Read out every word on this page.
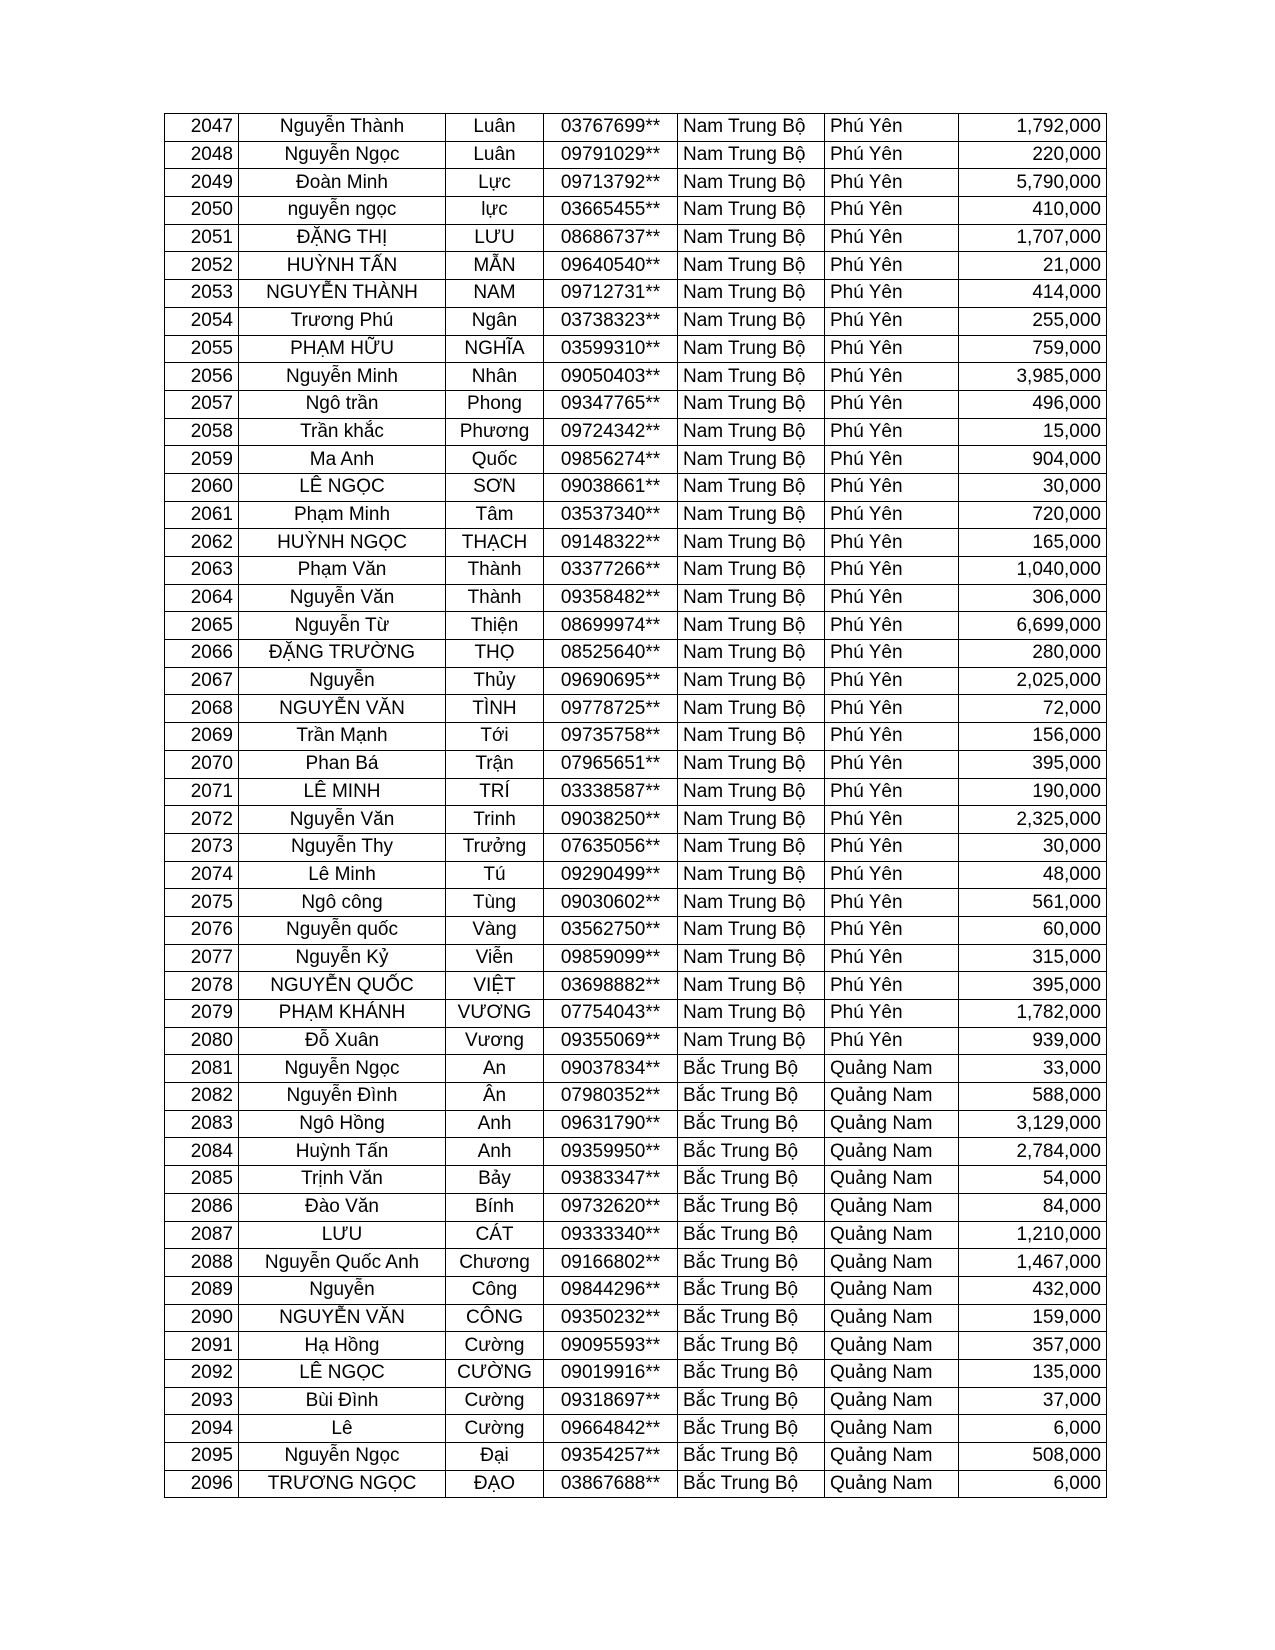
2047	Nguyễn Thành	Luân	03767699**	Nam Trung Bộ	Phú Yên	1,792,000
2048	Nguyễn Ngọc	Luân	09791029**	Nam Trung Bộ	Phú Yên	220,000
2049	Đoàn Minh	Lực	09713792**	Nam Trung Bộ	Phú Yên	5,790,000
2050	nguyễn ngọc	lực	03665455**	Nam Trung Bộ	Phú Yên	410,000
2051	ĐẶNG THỊ	LƯU	08686737**	Nam Trung Bộ	Phú Yên	1,707,000
2052	HUỲNH TẤN	MẪN	09640540**	Nam Trung Bộ	Phú Yên	21,000
2053	NGUYỄN THÀNH	NAM	09712731**	Nam Trung Bộ	Phú Yên	414,000
2054	Trương Phú	Ngân	03738323**	Nam Trung Bộ	Phú Yên	255,000
2055	PHẠM HỮU	NGHĨA	03599310**	Nam Trung Bộ	Phú Yên	759,000
2056	Nguyễn Minh	Nhân	09050403**	Nam Trung Bộ	Phú Yên	3,985,000
2057	Ngô trần	Phong	09347765**	Nam Trung Bộ	Phú Yên	496,000
2058	Trần khắc	Phương	09724342**	Nam Trung Bộ	Phú Yên	15,000
2059	Ma Anh	Quốc	09856274**	Nam Trung Bộ	Phú Yên	904,000
2060	LÊ NGỌC	SƠN	09038661**	Nam Trung Bộ	Phú Yên	30,000
2061	Phạm Minh	Tâm	03537340**	Nam Trung Bộ	Phú Yên	720,000
2062	HUỲNH NGỌC	THẠCH	09148322**	Nam Trung Bộ	Phú Yên	165,000
2063	Phạm Văn	Thành	03377266**	Nam Trung Bộ	Phú Yên	1,040,000
2064	Nguyễn Văn	Thành	09358482**	Nam Trung Bộ	Phú Yên	306,000
2065	Nguyễn Từ	Thiện	08699974**	Nam Trung Bộ	Phú Yên	6,699,000
2066	ĐẶNG TRƯỜNG	THỌ	08525640**	Nam Trung Bộ	Phú Yên	280,000
2067	Nguyễn	Thủy	09690695**	Nam Trung Bộ	Phú Yên	2,025,000
2068	NGUYỄN VĂN	TÌNH	09778725**	Nam Trung Bộ	Phú Yên	72,000
2069	Trần Mạnh	Tới	09735758**	Nam Trung Bộ	Phú Yên	156,000
2070	Phan Bá	Trận	07965651**	Nam Trung Bộ	Phú Yên	395,000
2071	LÊ MINH	TRÍ	03338587**	Nam Trung Bộ	Phú Yên	190,000
2072	Nguyễn Văn	Trinh	09038250**	Nam Trung Bộ	Phú Yên	2,325,000
2073	Nguyễn Thy	Trưởng	07635056**	Nam Trung Bộ	Phú Yên	30,000
2074	Lê Minh	Tú	09290499**	Nam Trung Bộ	Phú Yên	48,000
2075	Ngô công	Tùng	09030602**	Nam Trung Bộ	Phú Yên	561,000
2076	Nguyễn quốc	Vàng	03562750**	Nam Trung Bộ	Phú Yên	60,000
2077	Nguyễn Kỷ	Viễn	09859099**	Nam Trung Bộ	Phú Yên	315,000
2078	NGUYỄN QUỐC	VIỆT	03698882**	Nam Trung Bộ	Phú Yên	395,000
2079	PHẠM KHÁNH	VƯƠNG	07754043**	Nam Trung Bộ	Phú Yên	1,782,000
2080	Đỗ Xuân	Vương	09355069**	Nam Trung Bộ	Phú Yên	939,000
2081	Nguyễn Ngọc	An	09037834**	Bắc Trung Bộ	Quảng Nam	33,000
2082	Nguyễn Đình	Ân	07980352**	Bắc Trung Bộ	Quảng Nam	588,000
2083	Ngô Hồng	Anh	09631790**	Bắc Trung Bộ	Quảng Nam	3,129,000
2084	Huỳnh Tấn	Anh	09359950**	Bắc Trung Bộ	Quảng Nam	2,784,000
2085	Trịnh Văn	Bảy	09383347**	Bắc Trung Bộ	Quảng Nam	54,000
2086	Đào Văn	Bính	09732620**	Bắc Trung Bộ	Quảng Nam	84,000
2087	LƯU	CÁT	09333340**	Bắc Trung Bộ	Quảng Nam	1,210,000
2088	Nguyễn Quốc Anh	Chương	09166802**	Bắc Trung Bộ	Quảng Nam	1,467,000
2089	Nguyễn	Công	09844296**	Bắc Trung Bộ	Quảng Nam	432,000
2090	NGUYỄN VĂN	CÔNG	09350232**	Bắc Trung Bộ	Quảng Nam	159,000
2091	Hạ Hồng	Cường	09095593**	Bắc Trung Bộ	Quảng Nam	357,000
2092	LÊ NGỌC	CƯỜNG	09019916**	Bắc Trung Bộ	Quảng Nam	135,000
2093	Bùi Đình	Cường	09318697**	Bắc Trung Bộ	Quảng Nam	37,000
2094	Lê	Cường	09664842**	Bắc Trung Bộ	Quảng Nam	6,000
2095	Nguyễn Ngọc	Đại	09354257**	Bắc Trung Bộ	Quảng Nam	508,000
2096	TRƯƠNG NGỌC	ĐẠO	03867688**	Bắc Trung Bộ	Quảng Nam	6,000
